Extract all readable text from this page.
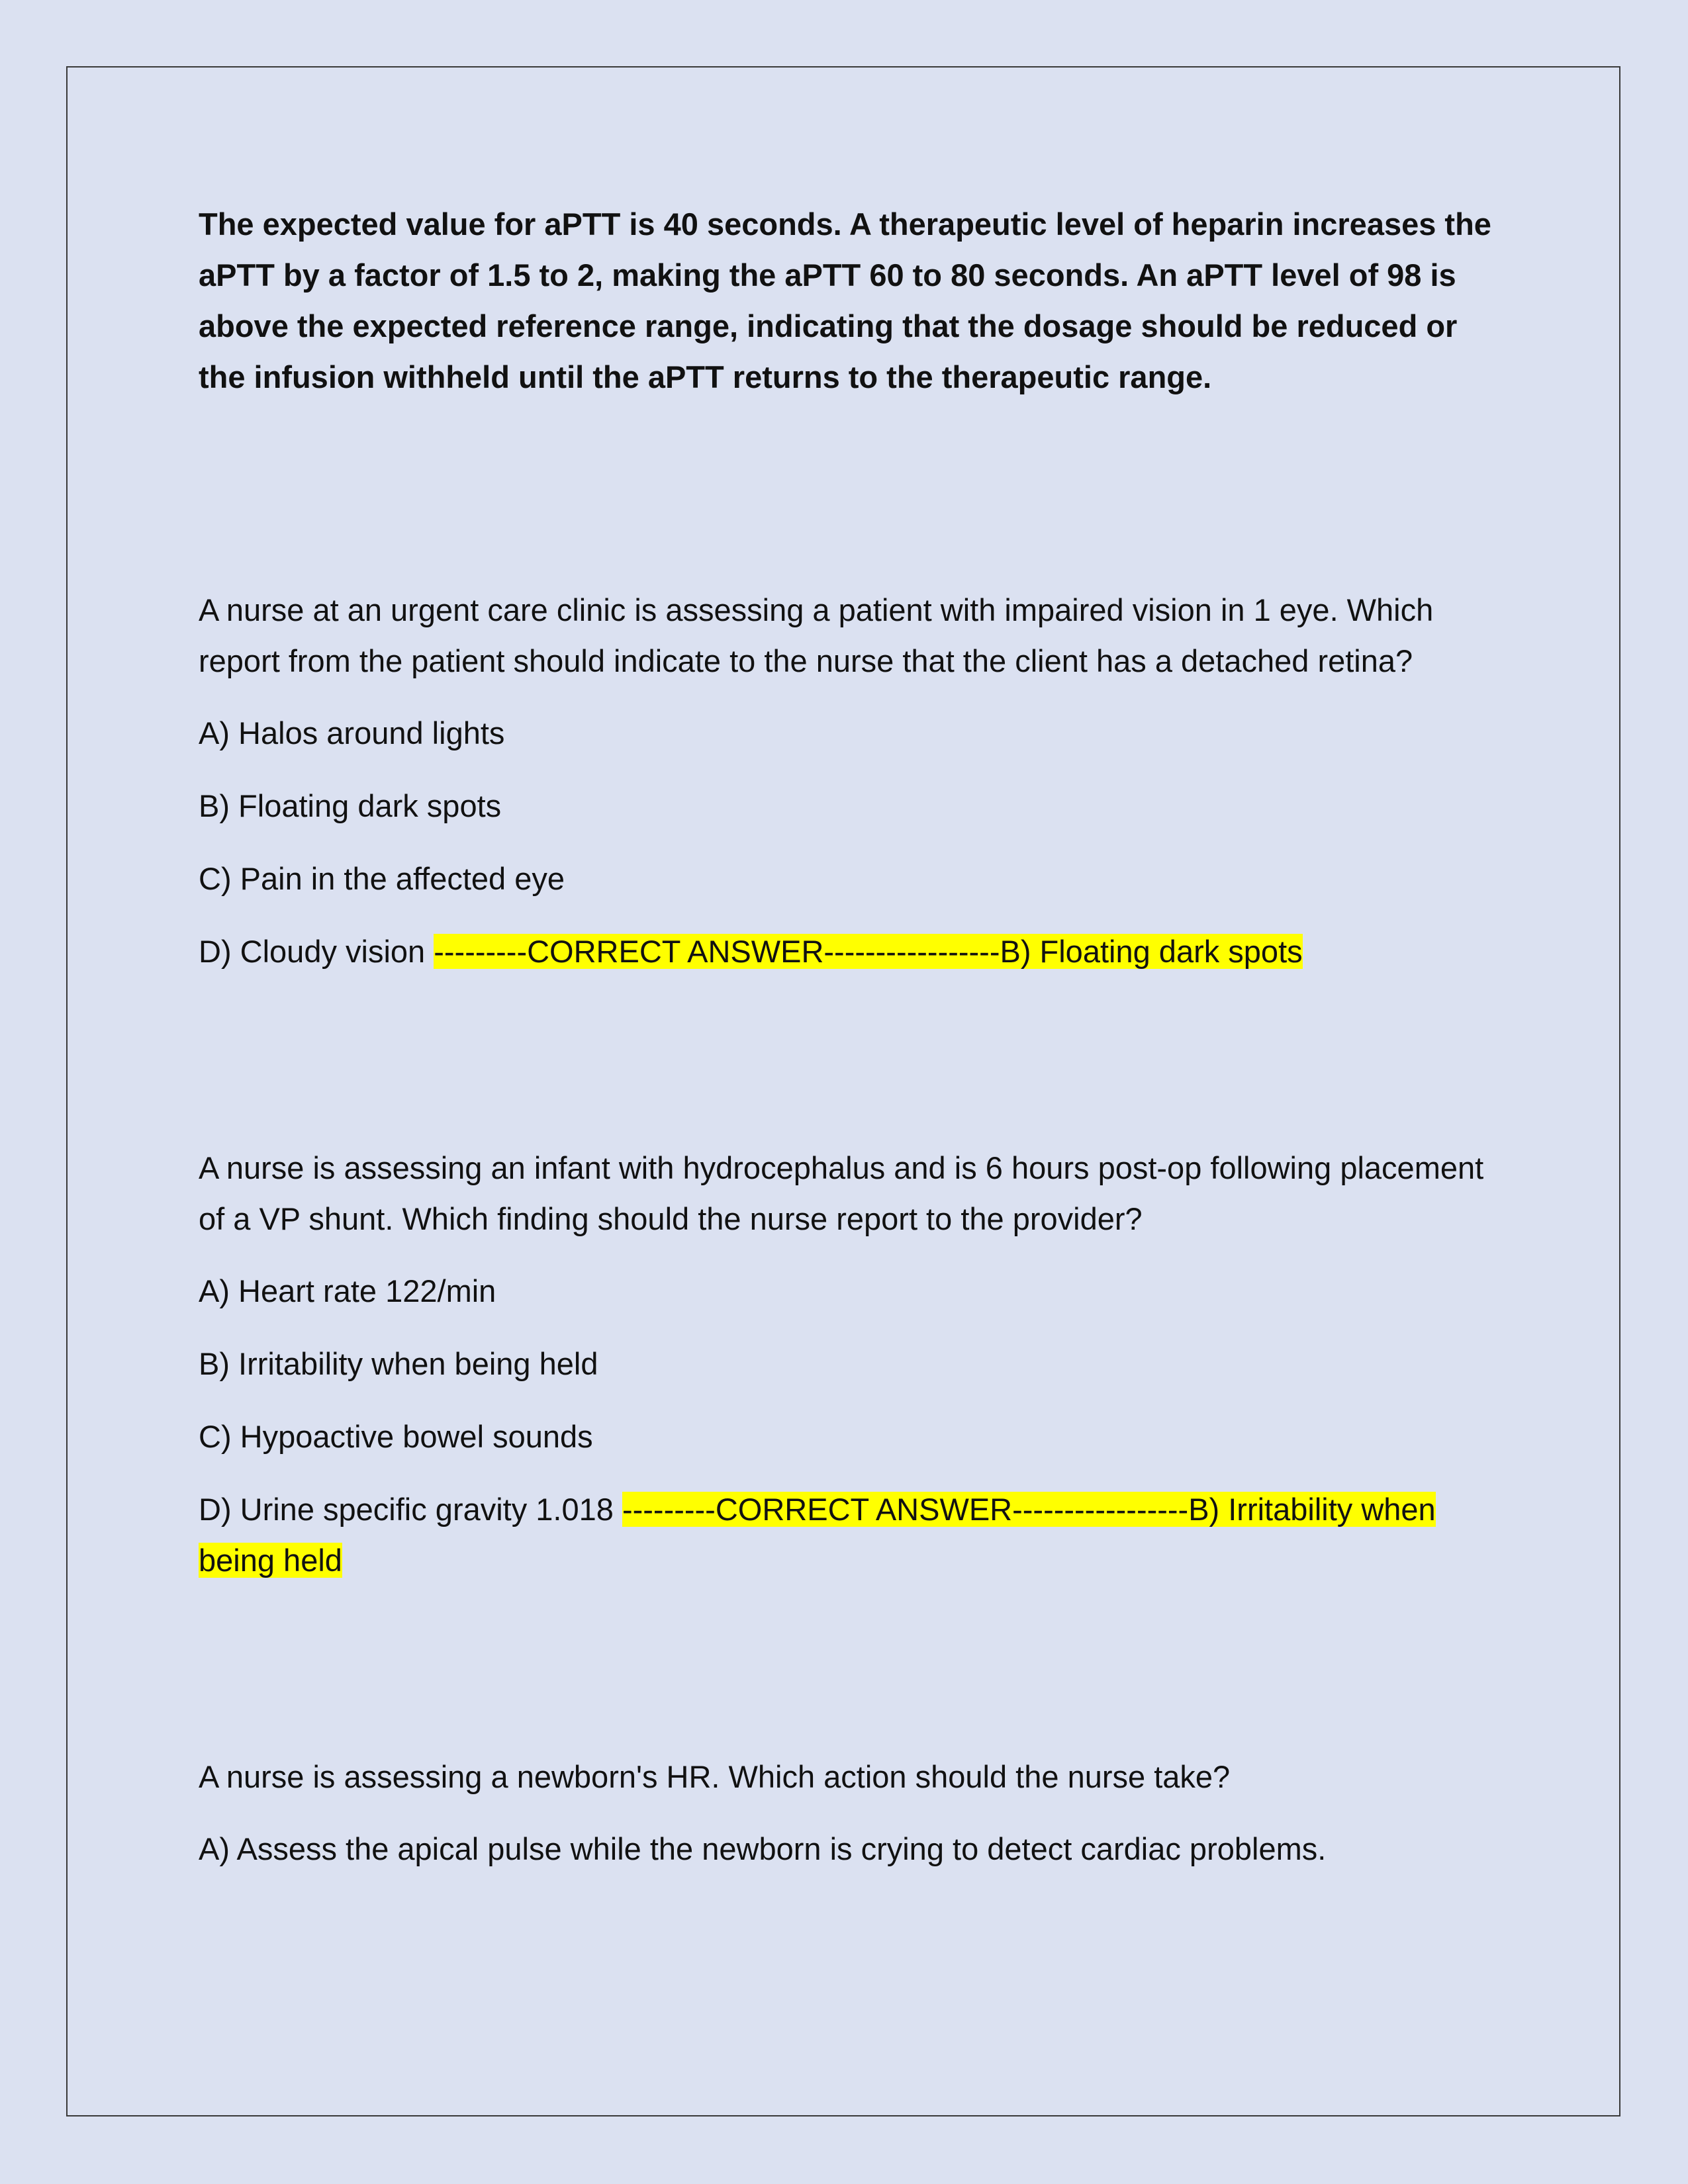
The expected value for aPTT is 40 seconds. A therapeutic level of heparin increases the aPTT by a factor of 1.5 to 2, making the aPTT 60 to 80 seconds. An aPTT level of 98 is above the expected reference range, indicating that the dosage should be reduced or the infusion withheld until the aPTT returns to the therapeutic range.

A nurse at an urgent care clinic is assessing a patient with impaired vision in 1 eye. Which report from the patient should indicate to the nurse that the client has a detached retina?

A) Halos around lights

B) Floating dark spots

C) Pain in the affected eye

D) Cloudy vision ---------CORRECT ANSWER-----------------B) Floating dark spots

A nurse is assessing an infant with hydrocephalus and is 6 hours post-op following placement of a VP shunt. Which finding should the nurse report to the provider?

A) Heart rate 122/min

B) Irritability when being held

C) Hypoactive bowel sounds

D) Urine specific gravity 1.018 ---------CORRECT ANSWER-----------------B) Irritability when being held

A nurse is assessing a newborn's HR. Which action should the nurse take?

A) Assess the apical pulse while the newborn is crying to detect cardiac problems.
